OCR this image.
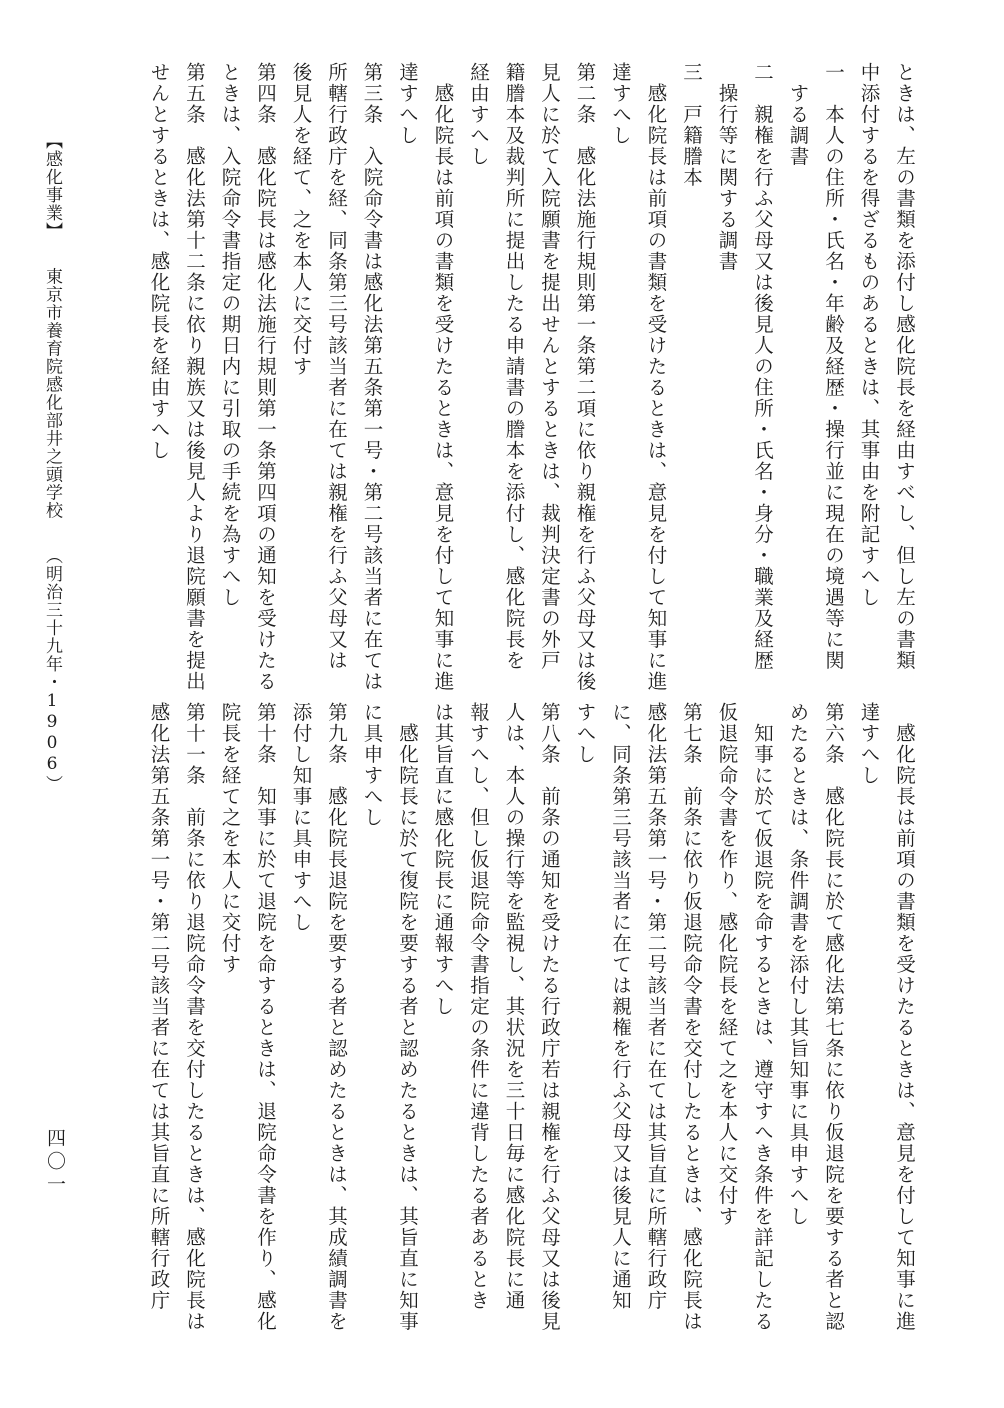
ときは、左の書類を添付し感化院長を経由すべし、但し左の書類
中添付するを得ざるものあるときは、其事由を附記すへし
一　本人の住所・氏名・年齢及経歴・操行並に現在の境遇等に関
　する調書
二　親権を行ふ父母又は後見人の住所・氏名・身分・職業及経歴
　操行等に関する調書
三　戸籍謄本
　感化院長は前項の書類を受けたるときは、意見を付して知事に進
達すへし
第二条　感化法施行規則第一条第二項に依り親権を行ふ父母又は後
見人に於て入院願書を提出せんとするときは、裁判決定書の外戸
籍謄本及裁判所に提出したる申請書の謄本を添付し、感化院長を
経由すへし
　感化院長は前項の書類を受けたるときは、意見を付して知事に進
達すへし
第三条　入院命令書は感化法第五条第一号・第二号該当者に在ては
所轄行政庁を経、同条第三号該当者に在ては親権を行ふ父母又は
後見人を経て、之を本人に交付す
第四条　感化院長は感化法施行規則第一条第四項の通知を受けたる
ときは、入院命令書指定の期日内に引取の手続を為すへし
第五条　感化法第十二条に依り親族又は後見人より退院願書を提出
せんとするときは、感化院長を経由すへし
　感化院長は前項の書類を受けたるときは、意見を付して知事に進
達すへし
第六条　感化院長に於て感化法第七条に依り仮退院を要する者と認
めたるときは、条件調書を添付し其旨知事に具申すへし
　知事に於て仮退院を命するときは、遵守すへき条件を詳記したる
仮退院命令書を作り、感化院長を経て之を本人に交付す
第七条　前条に依り仮退院命令書を交付したるときは、感化院長は
感化法第五条第一号・第二号該当者に在ては其旨直に所轄行政庁
に、同条第三号該当者に在ては親権を行ふ父母又は後見人に通知
すへし
第八条　前条の通知を受けたる行政庁若は親権を行ふ父母又は後見
人は、本人の操行等を監視し、其状況を三十日毎に感化院長に通
報すへし、但し仮退院命令書指定の条件に違背したる者あるとき
は其旨直に感化院長に通報すへし
　感化院長に於て復院を要する者と認めたるときは、其旨直に知事
に具申すへし
第九条　感化院長退院を要する者と認めたるときは、其成績調書を
添付し知事に具申すへし
第十条　知事に於て退院を命するときは、退院命令書を作り、感化
院長を経て之を本人に交付す
第十一条　前条に依り退院命令書を交付したるときは、感化院長は
感化法第五条第一号・第二号該当者に在ては其旨直に所轄行政庁
【感化事業】　　東京市養育院感化部井之頭学校　　（明治三十九年・1906）
四〇一
